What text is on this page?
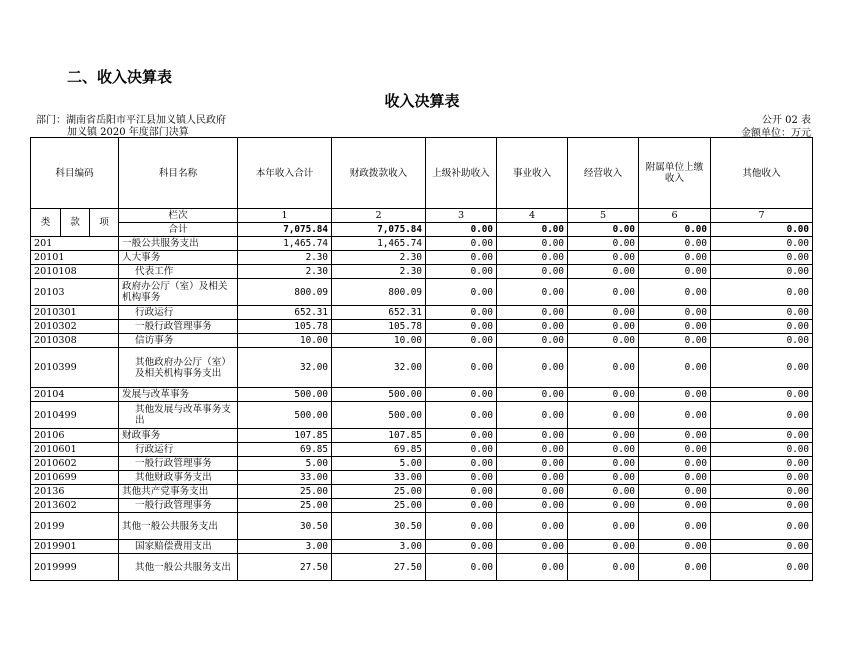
二、收入决算表
收入决算表
部门：湖南省岳阳市平江县加义镇人民政府
加义镇 2020 年度部门决算
公开 02 表
金额单位：万元
科目编码			科目名称	本年收入合计	财政拨款收入	上级补助收入	事业收入	经营收入	附属单位上缴收入	其他收入
类	款	项	栏次	1	2	3	4	5	6	7
			合计	7,075.84	7,075.84	0.00	0.00	0.00	0.00	0.00
201			一般公共服务支出	1,465.74	1,465.74	0.00	0.00	0.00	0.00	0.00
20101			人大事务	2.30	2.30	0.00	0.00	0.00	0.00	0.00
2010108			代表工作	2.30	2.30	0.00	0.00	0.00	0.00	0.00
20103			政府办公厅（室）及相关机构事务	800.09	800.09	0.00	0.00	0.00	0.00	0.00
2010301			行政运行	652.31	652.31	0.00	0.00	0.00	0.00	0.00
2010302			一般行政管理事务	105.78	105.78	0.00	0.00	0.00	0.00	0.00
2010308			信访事务	10.00	10.00	0.00	0.00	0.00	0.00	0.00
2010399			其他政府办公厅（室）及相关机构事务支出	32.00	32.00	0.00	0.00	0.00	0.00	0.00
20104			发展与改革事务	500.00	500.00	0.00	0.00	0.00	0.00	0.00
2010499			其他发展与改革事务支出	500.00	500.00	0.00	0.00	0.00	0.00	0.00
20106			财政事务	107.85	107.85	0.00	0.00	0.00	0.00	0.00
2010601			行政运行	69.85	69.85	0.00	0.00	0.00	0.00	0.00
2010602			一般行政管理事务	5.00	5.00	0.00	0.00	0.00	0.00	0.00
2010699			其他财政事务支出	33.00	33.00	0.00	0.00	0.00	0.00	0.00
20136			其他共产党事务支出	25.00	25.00	0.00	0.00	0.00	0.00	0.00
2013602			一般行政管理事务	25.00	25.00	0.00	0.00	0.00	0.00	0.00
20199			其他一般公共服务支出	30.50	30.50	0.00	0.00	0.00	0.00	0.00
2019901			国家赔偿费用支出	3.00	3.00	0.00	0.00	0.00	0.00	0.00
2019999			其他一般公共服务支出	27.50	27.50	0.00	0.00	0.00	0.00	0.00
